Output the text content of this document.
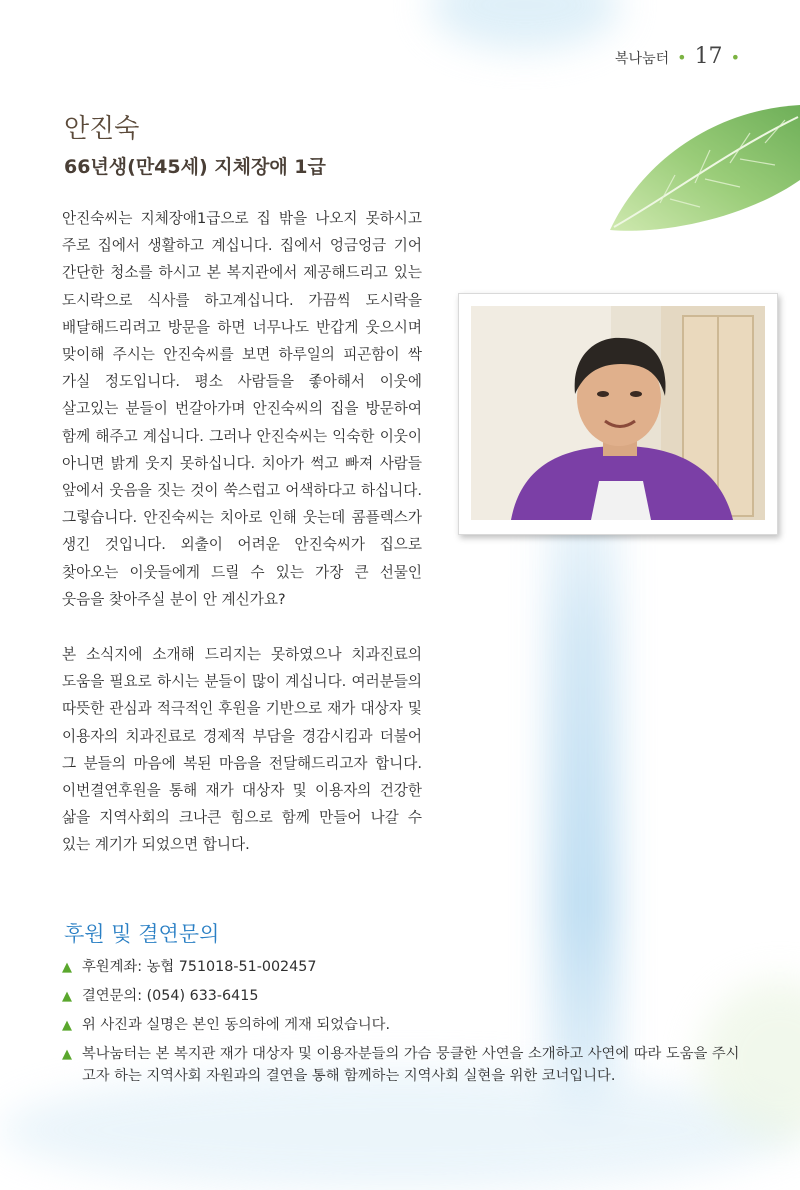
복나눔터 • 17 •
안진숙
66년생(만45세) 지체장애 1급

안진숙씨는 지체장애1급으로 집 밖을 나오지 못하시고 주로 집에서 생활하고 계십니다. 집에서 엉금엉금 기어 간단한 청소를 하시고 본 복지관에서 제공해드리고 있는 도시락으로 식사를 하고계십니다. 가끔씩 도시락을 배달해드리려고 방문을 하면 너무나도 반갑게 웃으시며 맞이해 주시는 안진숙씨를 보면 하루일의 피곤함이 싹 가실 정도입니다. 평소 사람들을 좋아해서 이웃에 살고있는 분들이 번갈아가며 안진숙씨의 집을 방문하여 함께 해주고 계십니다. 그러나 안진숙씨는 익숙한 이웃이 아니면 밝게 웃지 못하십니다. 치아가 썩고 빠져 사람들 앞에서 웃음을 짓는 것이 쑥스럽고 어색하다고 하십니다. 그렇습니다. 안진숙씨는 치아로 인해 웃는데 콤플렉스가 생긴 것입니다. 외출이 어려운 안진숙씨가 집으로 찾아오는 이웃들에게 드릴 수 있는 가장 큰 선물인 웃음을 찾아주실 분이 안 계신가요?

본 소식지에 소개해 드리지는 못하였으나 치과진료의 도움을 필요로 하시는 분들이 많이 계십니다. 여러분들의 따뜻한 관심과 적극적인 후원을 기반으로 재가 대상자 및 이용자의 치과진료로 경제적 부담을 경감시킴과 더불어 그 분들의 마음에 복된 마음을 전달해드리고자 합니다. 이번결연후원을 통해 재가 대상자 및 이용자의 건강한 삶을 지역사회의 크나큰 힘으로 함께 만들어 나갈 수 있는 계기가 되었으면 합니다.

후원 및 결연문의
▲ 후원계좌: 농협 751018-51-002457
▲ 결연문의: (054) 633-6415
▲ 위 사진과 실명은 본인 동의하에 게재 되었습니다.
▲ 복나눔터는 본 복지관 재가 대상자 및 이용자분들의 가슴 뭉클한 사연을 소개하고 사연에 따라 도움을 주시고자 하는 지역사회 자원과의 결연을 통해 함께하는 지역사회 실현을 위한 코너입니다.
